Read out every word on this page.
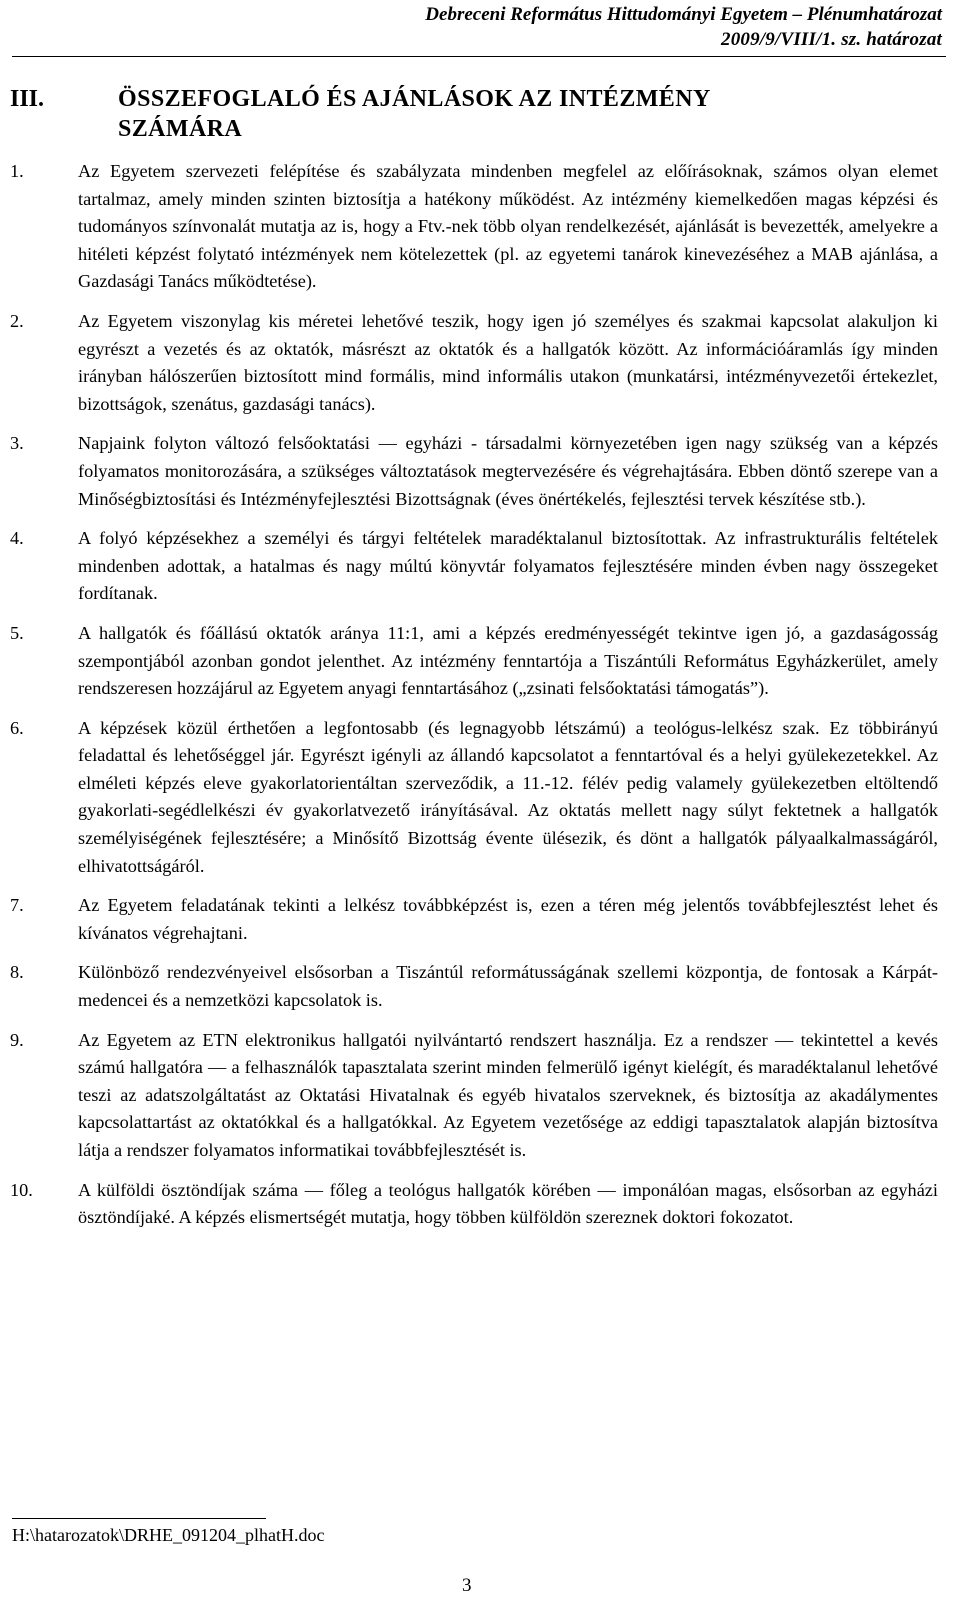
Debreceni Református Hittudományi Egyetem – Plénumhatározat
2009/9/VIII/1. sz. határozat
III.	ÖSSZEFOGLALÓ ÉS AJÁNLÁSOK AZ INTÉZMÉNY SZÁMÁRA
1.	Az Egyetem szervezeti felépítése és szabályzata mindenben megfelel az előírásoknak, számos olyan elemet tartalmaz, amely minden szinten biztosítja a hatékony működést. Az intézmény kiemelkedően magas képzési és tudományos színvonalát mutatja az is, hogy a Ftv.-nek több olyan rendelkezését, ajánlását is bevezették, amelyekre a hitéleti képzést folytató intézmények nem kötelezettek (pl. az egyetemi tanárok kinevezéséhez a MAB ajánlása, a Gazdasági Tanács működtetése).
2.	Az Egyetem viszonylag kis méretei lehetővé teszik, hogy igen jó személyes és szakmai kapcsolat alakuljon ki egyrészt a vezetés és az oktatók, másrészt az oktatók és a hallgatók között. Az információáramlás így minden irányban hálószerűen biztosított mind formális, mind informális utakon (munkatársi, intézményvezetői értekezlet, bizottságok, szenátus, gazdasági tanács).
3.	Napjaink folyton változó felsőoktatási ― egyházi - társadalmi környezetében igen nagy szükség van a képzés folyamatos monitorozására, a szükséges változtatások megtervezésére és végrehajtására. Ebben döntő szerepe van a Minőségbiztosítási és Intézményfejlesztési Bizottságnak (éves önértékelés, fejlesztési tervek készítése stb.).
4.	A folyó képzésekhez a személyi és tárgyi feltételek maradéktalanul biztosítottak. Az infrastrukturális feltételek mindenben adottak, a hatalmas és nagy múltú könyvtár folyamatos fejlesztésére minden évben nagy összegeket fordítanak.
5.	A hallgatók és főállású oktatók aránya 11:1, ami a képzés eredményességét tekintve igen jó, a gazdaságosság szempontjából azonban gondot jelenthet. Az intézmény fenntartója a Tiszántúli Református Egyházkerület, amely rendszeresen hozzájárul az Egyetem anyagi fenntartásához („zsinati felsőoktatási támogatás”).
6.	A képzések közül érthetően a legfontosabb (és legnagyobb létszámú) a teológus-lelkész szak. Ez többirányú feladattal és lehetőséggel jár. Egyrészt igényli az állandó kapcsolatot a fenntartóval és a helyi gyülekezetekkel. Az elméleti képzés eleve gyakorlatorientáltan szerveződik, a 11.-12. félév pedig valamely gyülekezetben eltöltendő gyakorlati-segédlelkészi év gyakorlatvezető irányításával. Az oktatás mellett nagy súlyt fektetnek a hallgatók személyiségének fejlesztésére; a Minősítő Bizottság évente ülésezik, és dönt a hallgatók pályaalkalmasságáról, elhivatottságáról.
7.	Az Egyetem feladatának tekinti a lelkész továbbképzést is, ezen a téren még jelentős továbbfejlesztést lehet és kívánatos végrehajtani.
8.	Különböző rendezvényeivel elsősorban a Tiszántúl reformátusságának szellemi központja, de fontosak a Kárpát-medencei és a nemzetközi kapcsolatok is.
9.	Az Egyetem az ETN elektronikus hallgatói nyilvántartó rendszert használja. Ez a rendszer ― tekintettel a kevés számú hallgatóra ― a felhasználók tapasztalata szerint minden felmerülő igényt kielégít, és maradéktalanul lehetővé teszi az adatszolgáltatást az Oktatási Hivatalnak és egyéb hivatalos szerveknek, és biztosítja az akadálymentes kapcsolattartást az oktatókkal és a hallgatókkal. Az Egyetem vezetősége az eddigi tapasztalatok alapján biztosítva látja a rendszer folyamatos informatikai továbbfejlesztését is.
10. A külföldi ösztöndíjak száma ― főleg a teológus hallgatók körében ― imponálóan magas, elsősorban az egyházi ösztöndíjaké. A képzés elismertségét mutatja, hogy többen külföldön szereznek doktori fokozatot.
H:\hatarozatok\DRHE_091204_plhatH.doc
3
